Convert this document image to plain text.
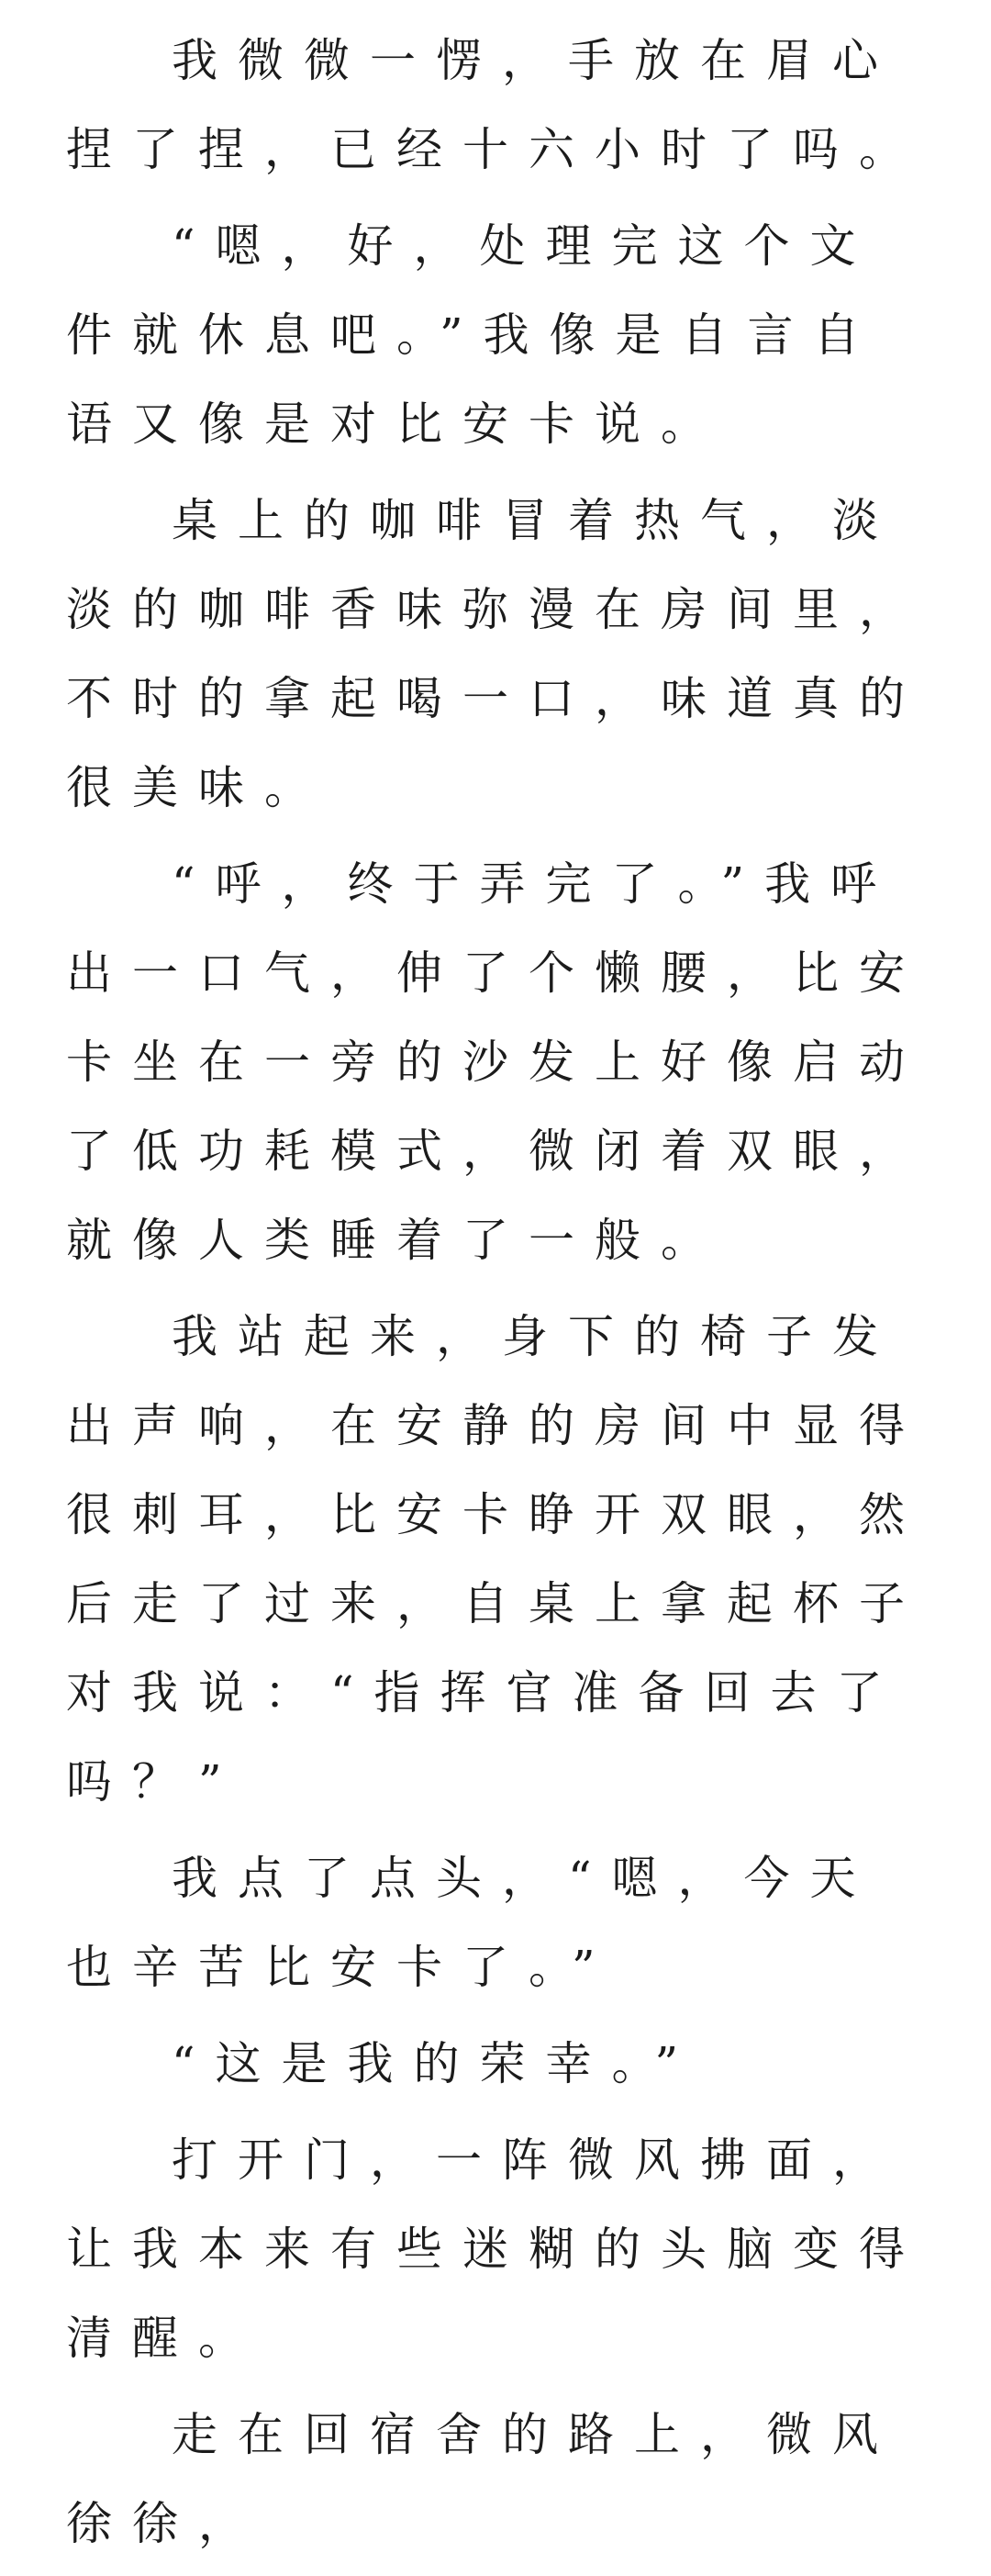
我微微一愣，手放在眉心捏了捏，已经十六小时了吗。

“嗯，好，处理完这个文件就休息吧。”我像是自言自语又像是对比安卡说。

桌上的咖啡冒着热气，淡淡的咖啡香味弥漫在房间里，不时的拿起喝一口，味道真的很美味。

“呼，终于弄完了。”我呼出一口气，伸了个懒腰，比安卡坐在一旁的沙发上好像启动了低功耗模式，微闭着双眼，就像人类睡着了一般。

我站起来，身下的椅子发出声响，在安静的房间中显得很刺耳，比安卡睁开双眼，然后走了过来，自桌上拿起杯子对我说：“指挥官准备回去了吗？”

我点了点头，“嗯，今天也辛苦比安卡了。”

“这是我的荣幸。”

打开门，一阵微风拂面，让我本来有些迷糊的头脑变得清醒。

走在回宿舍的路上，微风徐徐，
